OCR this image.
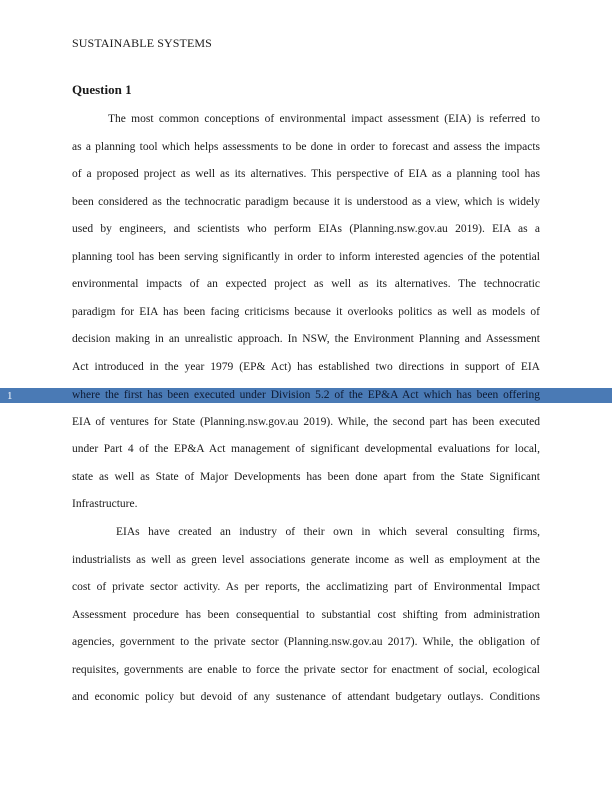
SUSTAINABLE SYSTEMS
Question 1
1
The most common conceptions of environmental impact assessment (EIA) is referred to
as a planning tool which helps assessments to be done in order to forecast and assess the impacts
of a proposed project as well as its alternatives. This perspective of EIA as a planning tool has
been considered as the technocratic paradigm because it is understood as a view, which is widely
used by engineers, and scientists who perform EIAs (Planning.nsw.gov.au 2019). EIA as a
planning tool has been serving significantly in order to inform interested agencies of the potential
environmental impacts of an expected project as well as its alternatives. The technocratic
paradigm for EIA has been facing criticisms because it overlooks politics as well as models of
decision making in an unrealistic approach. In NSW, the Environment Planning and Assessment
Act introduced in the year 1979 (EP& Act) has established two directions in support of EIA
where the first has been executed under Division 5.2 of the EP&A Act which has been offering
EIA of ventures for State (Planning.nsw.gov.au 2019). While, the second part has been executed
under Part 4 of the EP&A Act management of significant developmental evaluations for local,
state as well as State of Major Developments has been done apart from the State Significant
Infrastructure.
EIAs have created an industry of their own in which several consulting firms,
industrialists as well as green level associations generate income as well as employment at the
cost of private sector activity. As per reports, the acclimatizing part of Environmental Impact
Assessment procedure has been consequential to substantial cost shifting from administration
agencies, government to the private sector (Planning.nsw.gov.au 2017). While, the obligation of
requisites, governments are enable to force the private sector for enactment of social, ecological
and economic policy but devoid of any sustenance of attendant budgetary outlays. Conditions
